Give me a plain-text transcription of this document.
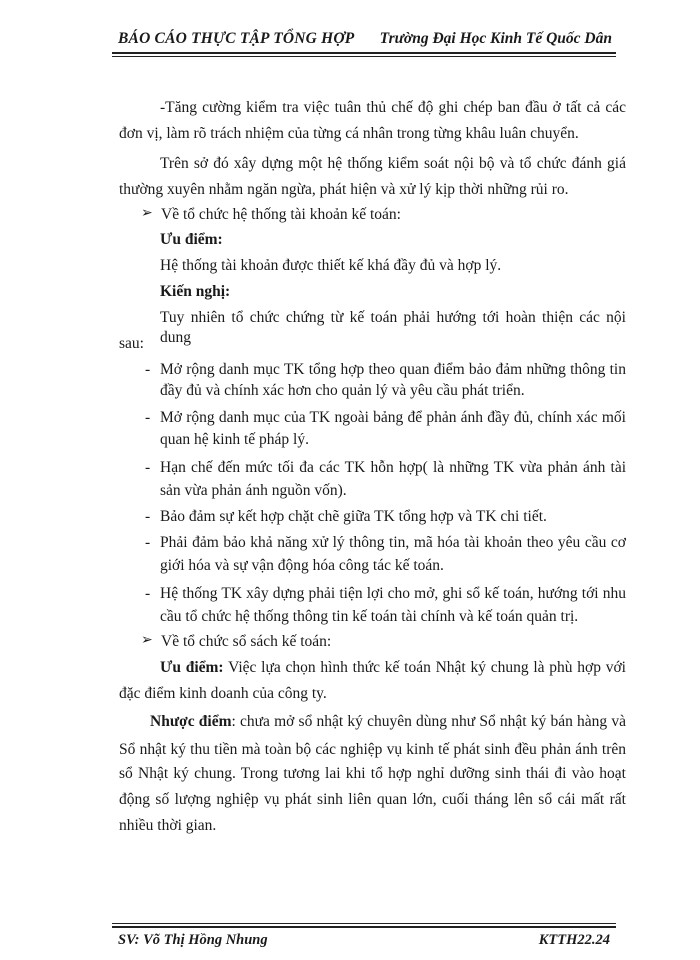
BÁO CÁO THỰC TẬP TỔNG HỢP Trường Đại Học Kinh Tế Quốc Dân
-Tăng cường kiểm tra việc tuân thủ chế độ ghi chép ban đầu ở tất cả các
đơn vị, làm rõ trách nhiệm của từng cá nhân trong từng khâu luân chuyển.
Trên sở đó xây dựng một hệ thống kiểm soát nội bộ và tổ chức đánh giá
thường xuyên nhằm ngăn ngừa, phát hiện và xử lý kịp thời những rủi ro.
➢ Về tổ chức hệ thống tài khoản kế toán:
Ưu điểm:
Hệ thống tài khoản được thiết kế khá đầy đủ và hợp lý.
Kiến nghị:
Tuy nhiên tổ chức chứng từ kế toán phải hướng tới hoàn thiện các nội dung
sau:
- Mở rộng danh mục TK tổng hợp theo quan điểm bảo đảm những thông tin
đầy đủ và chính xác hơn cho quản lý và yêu cầu phát triển.
- Mở rộng danh mục của TK ngoài bảng để phản ánh đầy đủ, chính xác mối
quan hệ kinh tế pháp lý.
- Hạn chế đến mức tối đa các TK hỗn hợp( là những TK vừa phản ánh tài
sản vừa phản ánh nguồn vốn).
- Bảo đảm sự kết hợp chặt chẽ giữa TK tổng hợp và TK chi tiết.
- Phải đảm bảo khả năng xử lý thông tin, mã hóa tài khoản theo yêu cầu cơ
giới hóa và sự vận động hóa công tác kế toán.
- Hệ thống TK xây dựng phải tiện lợi cho mở, ghi sổ kế toán, hướng tới nhu
cầu tổ chức hệ thống thông tin kế toán tài chính và kế toán quản trị.
➢ Về tổ chức sổ sách kế toán:
Ưu điểm: Việc lựa chọn hình thức kế toán Nhật ký chung là phù hợp với
đặc điểm kinh doanh của công ty.
Nhược điểm: chưa mở sổ nhật ký chuyên dùng như Sổ nhật ký bán hàng và
Sổ nhật ký thu tiền mà toàn bộ các nghiệp vụ kinh tế phát sinh đều phản ánh trên
sổ Nhật ký chung. Trong tương lai khi tổ hợp nghỉ dưỡng sinh thái đi vào hoạt
động số lượng nghiệp vụ phát sinh liên quan lớn, cuối tháng lên sổ cái mất rất
nhiều thời gian.
SV: Võ Thị Hồng Nhung	KTTH22.24
